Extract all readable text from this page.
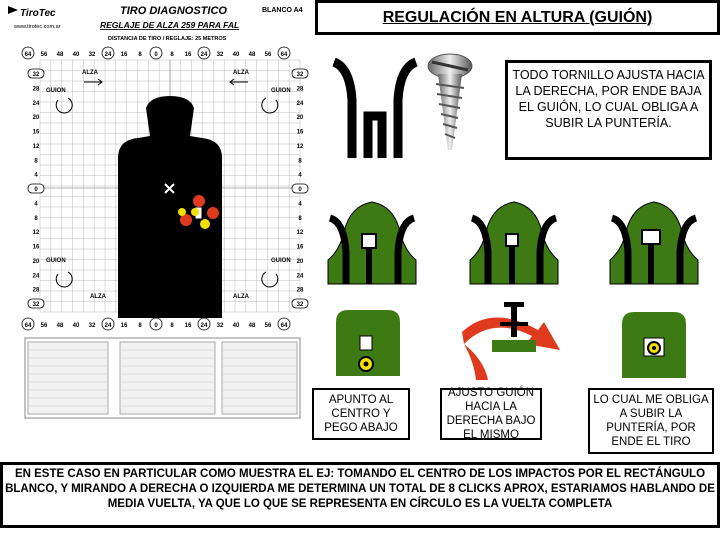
TiroTec
www.tirotec.com.ar
TIRO DIAGNOSTICO
REGLAJE DE ALZA 259 PARA FAL
BLANCO A4
DISTANCIA DE TIRO / REGLAJE: 25 METROS
ALZA	ALZA
GUION	GUION
GUION	GUION
ALZA	ALZA
64 56 48 40 32 24 16 8 0 8 16 24 32 40 48 56 64
64 56 48 40 32 24 16 8 0 8 16 24 32 40 48 56 64
32
28
24
20
16
12
8
4
0
4
8
12
16
20
24
28
32
32
28
24
20
16
12
8
4
0
4
8
12
16
20
24
28
32
REGULACIÓN EN ALTURA (GUIÓN)
TODO TORNILLO AJUSTA HACIA LA DERECHA, POR ENDE BAJA EL GUIÓN, LO CUAL OBLIGA A SUBIR LA PUNTERÍA.
APUNTO AL CENTRO Y PEGO ABAJO
AJUSTO GUIÓN HACIA LA DERECHA BAJO EL MISMO
LO CUAL ME OBLIGA A SUBIR LA PUNTERÍA, POR ENDE EL TIRO
EN ESTE CASO EN PARTICULAR COMO MUESTRA EL EJ: TOMANDO EL CENTRO DE LOS IMPACTOS POR EL RECTÁNGULO BLANCO, Y MIRANDO A DERECHA O IZQUIERDA ME DETERMINA UN TOTAL DE 8 CLICKS APROX, ESTARIAMOS HABLANDO DE MEDIA VUELTA, YA QUE LO QUE SE REPRESENTA EN CÍRCULO ES LA VUELTA COMPLETA
